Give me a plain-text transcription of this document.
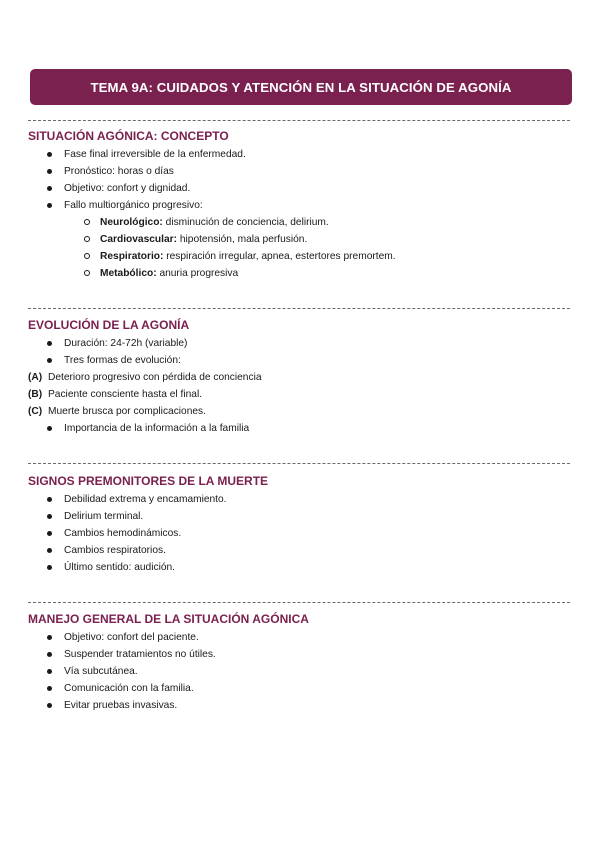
TEMA 9A: CUIDADOS Y ATENCIÓN EN LA SITUACIÓN DE AGONÍA
SITUACIÓN AGÓNICA: CONCEPTO
Fase final irreversible de la enfermedad.
Pronóstico: horas o días
Objetivo: confort y dignidad.
Fallo multiorgánico progresivo:
Neurológico: disminución de conciencia, delirium.
Cardiovascular: hipotensión, mala perfusión.
Respiratorio: respiración irregular, apnea, estertores premortem.
Metabólico: anuria progresiva
EVOLUCIÓN DE LA AGONÍA
Duración: 24-72h (variable)
Tres formas de evolución:
(A) Deterioro progresivo con pérdida de conciencia
(B) Paciente consciente hasta el final.
(C) Muerte brusca por complicaciones.
Importancia de la información a la familia
SIGNOS PREMONITORES DE LA MUERTE
Debilidad extrema y encamamiento.
Delirium terminal.
Cambios hemodinámicos.
Cambios respiratorios.
Último sentido: audición.
MANEJO GENERAL DE LA SITUACIÓN AGÓNICA
Objetivo: confort del paciente.
Suspender tratamientos no útiles.
Vía subcutánea.
Comunicación con la familia.
Evitar pruebas invasivas.
